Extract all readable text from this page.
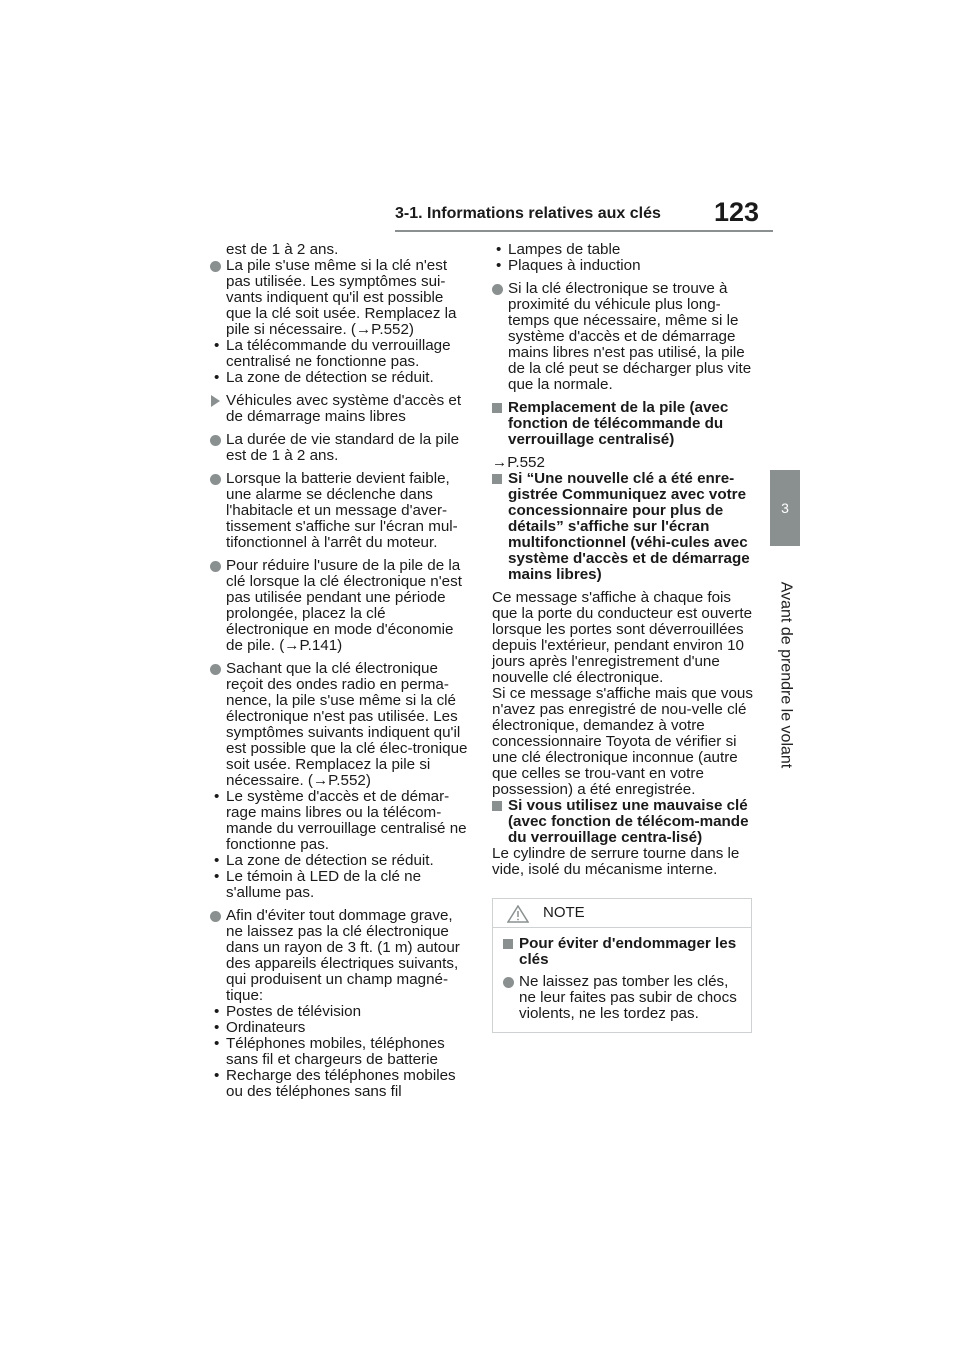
3-1. Informations relatives aux clés 123
3
Avant de prendre le volant

est de 1 à 2 ans.

La pile s'use même si la clé n'est pas utilisée. Les symptômes sui-vants indiquent qu'il est possible que la clé soit usée. Remplacez la pile si nécessaire. (→P.552)

• La télécommande du verrouillage centralisé ne fonctionne pas.

• La zone de détection se réduit.

Véhicules avec système d'accès et de démarrage mains libres

La durée de vie standard de la pile est de 1 à 2 ans.

Lorsque la batterie devient faible, une alarme se déclenche dans l'habitacle et un message d'aver-tissement s'affiche sur l'écran mul-tifonctionnel à l'arrêt du moteur.

Pour réduire l'usure de la pile de la clé lorsque la clé électronique n'est pas utilisée pendant une période prolongée, placez la clé électronique en mode d'économie de pile. (→P.141)

Sachant que la clé électronique reçoit des ondes radio en perma-nence, la pile s'use même si la clé électronique n'est pas utilisée. Les symptômes suivants indiquent qu'il est possible que la clé élec-tronique soit usée. Remplacez la pile si nécessaire. (→P.552)

• Le système d'accès et de démar-rage mains libres ou la télécom-mande du verrouillage centralisé ne fonctionne pas.

• La zone de détection se réduit.

• Le témoin à LED de la clé ne s'allume pas.

Afin d'éviter tout dommage grave, ne laissez pas la clé électronique dans un rayon de 3 ft. (1 m) autour des appareils électriques suivants, qui produisent un champ magné-tique:

• Postes de télévision

• Ordinateurs

• Téléphones mobiles, téléphones sans fil et chargeurs de batterie

• Recharge des téléphones mobiles ou des téléphones sans fil

• Lampes de table

• Plaques à induction

Si la clé électronique se trouve à proximité du véhicule plus long-temps que nécessaire, même si le système d'accès et de démarrage mains libres n'est pas utilisé, la pile de la clé peut se décharger plus vite que la normale.

Remplacement de la pile (avec fonction de télécommande du verrouillage centralisé)

→P.552

Si “Une nouvelle clé a été enre-gistrée Communiquez avec votre concessionnaire pour plus de détails” s'affiche sur l'écran multifonctionnel (véhi-cules avec système d'accès et de démarrage mains libres)

Ce message s'affiche à chaque fois que la porte du conducteur est ouverte lorsque les portes sont déverrouillées depuis l'extérieur, pendant environ 10 jours après l'enregistrement d'une nouvelle clé électronique.

Si ce message s'affiche mais que vous n'avez pas enregistré de nou-velle clé électronique, demandez à votre concessionnaire Toyota de vérifier si une clé électronique inconnue (autre que celles se trou-vant en votre possession) a été enregistrée.

Si vous utilisez une mauvaise clé (avec fonction de télécom-mande du verrouillage centra-lisé)

Le cylindre de serrure tourne dans le vide, isolé du mécanisme interne.

NOTE

Pour éviter d'endommager les clés

Ne laissez pas tomber les clés, ne leur faites pas subir de chocs violents, ne les tordez pas.
